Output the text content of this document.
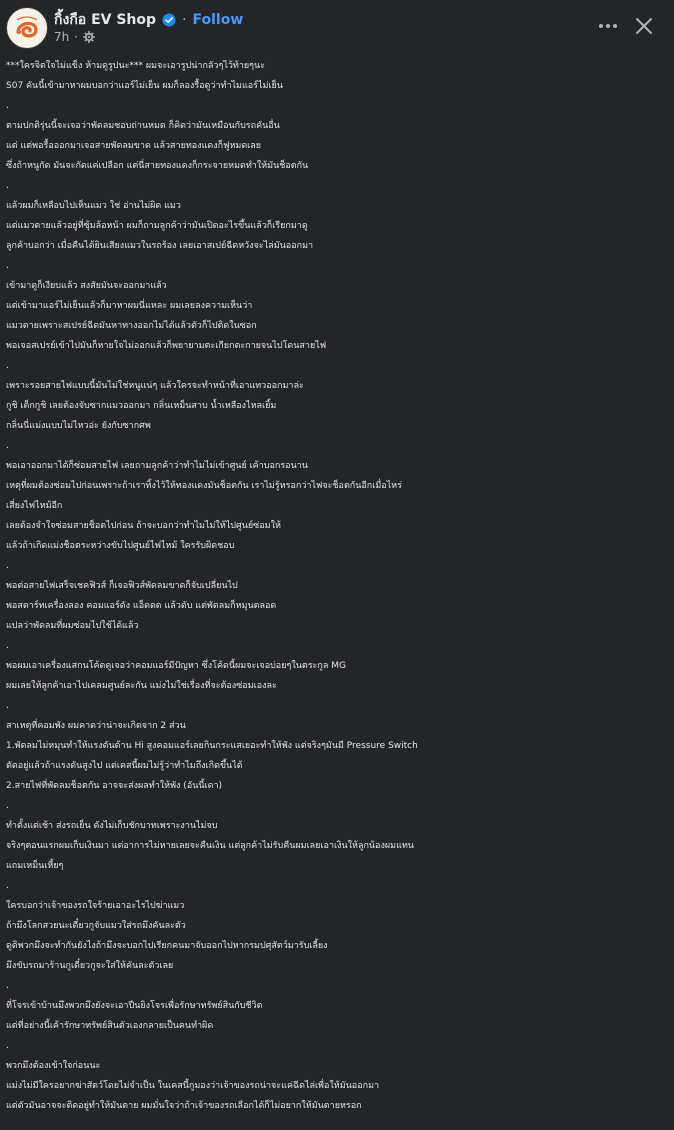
กิ้งกือ EV Shop · Follow
7h ·
***ใครจิตใจไม่แข็ง ห้ามดูรูปนะ*** ผมจะเอารูปน่ากลัวๆไว้ท้ายๆนะ
S07 คันนี้เข้ามาหาผมบอกว่าแอร์ไม่เย็น ผมก็ลองรื้อดูว่าทำไมแอร์ไม่เย็น
.
ตามปกติรุ่นนี้จะเจอว่าพัดลมชอบถ่านหมด ก็คิดว่ามันเหมือนกับรถคันอื่น
แต่ แต่พอรื้อออกมาเจอสายพัดลมขาด แล้วสายทองแดงก็ฟูหมดเลย
ซึ่งถ้าหนูกัด มันจะกัดแค่เปลือก แต่นี่สายทองแดงก็กระจายหมดทำให้มันช็อตกัน
.
แล้วผมก็เหลือบไปเห็นแมว ใช่ อ่านไม่ผิด แมว
แต่แมวตายแล้วอยู่ที่ซุ้มล้อหน้า ผมก็ถามลูกค้าว่ามันเปิดอะไรขึ้นแล้วก็เรียกมาดู
ลูกค้าบอกว่า เมื่อคืนได้ยินเสียงแมวในรถร้อง เลยเอาสเปย์ฉีดหวังจะไล่มันออกมา
.
เข้ามาดูก็เงียบแล้ว สงสัยมันจะออกมาแล้ว
แต่เข้ามาแอร์ไม่เย็นแล้วก็มาหาผมนี่แหละ ผมเลยลงความเห็นว่า
แมวตายเพราะสเปรย์ฉีดมันหาทางออกไม่ได้แล้วตัวก็ไปติดในซอก
พอเจอสเปรย์เข้าไปมันก็หายใจไม่ออกแล้วก็พยายามตะเกียกตะกายจนไปโดนสายไฟ
.
เพราะรอยสายไฟแบบนี้มันไม่ใช่หนูแน่ๆ แล้วใครจะทำหน้าที่เอาแทวออกมาล่ะ
กูชิ เด็กกูชิ เลยต้องจับซากแมวออกมา กลิ่นเหม็นสาบ น้ำเหลืองไหลเยิ้ม
กลิ่นนี่แม่งแบบไม่ไหวอ่ะ ยังกับซากศพ
.
พอเอาออกมาได้ก็ซ่อมสายไฟ เลยถามลูกค้าว่าทำไมไม่เข้าศูนย์ เค้าบอกรอนาน
เหตุที่ผมต้องซ่อมไปก่อนเพราะถ้าเราทิ้งไว้ให้ทองแดงมันช็อตกัน เราไม่รู้หรอกว่าไฟจะช็อตกันอีกเมื่อไหร่
เสี่ยงไฟไหม้อีก
เลยต้องจำใจซ่อมสายช็อตไปก่อน ถ้าจะบอกว่าทำไมไม่ให้ไปศูนย์ซ่อมให้
แล้วถ้าเกิดแม่งช็อตระหว่างขับไปศูนย์ไฟไหม้ ใครรับผิดชอบ
.
พอต่อสายไฟเสร็จเชคฟิวส์ ก็เจอฟิวส์พัดลมขาดก็จับเปลี่ยนไป
พอสตาร์ทเครื่องลอง คอมแอร์ดัง แอ็ดดด แล้วดับ แต่พัดลมก็หมุนตลอด
แปลว่าพัดลมที่ผมซ่อมไปใช้ได้แล้ว
.
พอผมเอาเครื่องแสกนโค้ดดูเจอว่าคอมแอร์มีปัญหา ซึ่งโค้ดนี้ผมจะเจอบ่อยๆในตระกูล MG
ผมเลยให้ลูกค้าเอาไปเคลมศูนย์ละกัน แม่งไม่ใช่เรื่องที่จะต้องซ่อมเองละ
.
สาเหตุที่คอมพัง ผมคาดว่าน่าจะเกิดจาก 2 ส่วน
1.พัดลมไม่หมุนทำให้แรงดันด้าน Hi สูงคอมแอร์เลยกินกระแสเยอะทำให้พัง แต่จริงๆมันมี Pressure Switch
ตัดอยู่แล้วถ้าแรงดันสูงไป แต่เคสนี้ผมไม่รู้ว่าทำไมถึงเกิดขึ้นได้
2.สายไฟที่พัดลมช็อตกัน อาจจะส่งผลทำให้พัง (อันนี้เดา)
.
ทำตั้งแต่เช้า ส่งรถเย็น ดังไม่เก็บชักบาทเพราะงานไม่จบ
จริงๆตอนแรกผมเก็บเงินมา แต่อาการไม่หายเลยจะคืนเงิน แต่ลูกค้าไม่รับคืนผมเลยเอาเงินให้ลูกน้องผมแทน
แถมเหม็นเหี้ยๆ
.
ใครบอกว่าเจ้าของรถใจร้ายเอาอะไรไปฆ่าแมว
ถ้ามึงโลกสวยนะเดี๋ยวกูจับแมวใส่รถมึงคันละตัว
ดูดิพวกมึงจะทำกันยังไงถ้ามึงจะบอกไปเรียกคนมาจับออกไปหากรมปศุสัตว์มารับเลี้ยง
มึงขับรถมาร้านกูเดี๋ยวกูจะใส่ให้คันละตัวเลย
.
ที่โจรเข้าบ้านมึงพวกมึงยังจะเอาปืนยิงโจรเพื่อรักษาทรัพย์สินกับชีวิต
แต่ที่อย่างนี้เค้ารักษาทรัพย์สินตัวเองกลายเป็นคนทำผิด
.
พวกมึงต้องเข้าใจก่อนนะ
แม่งไม่มีใครอยากฆ่าสัตว์โดยไม่จำเป็น ในเคสนี้กูมองว่าเจ้าของรถน่าจะแค่ฉีดไล่เพื่อให้มันออกมา
แต่ตัวมันอาจจะติดอยู่ทำให้มันตาย ผมมั่นใจว่าถ้าเจ้าของรถเลือกได้ก็ไม่อยากให้มันตายหรอก
